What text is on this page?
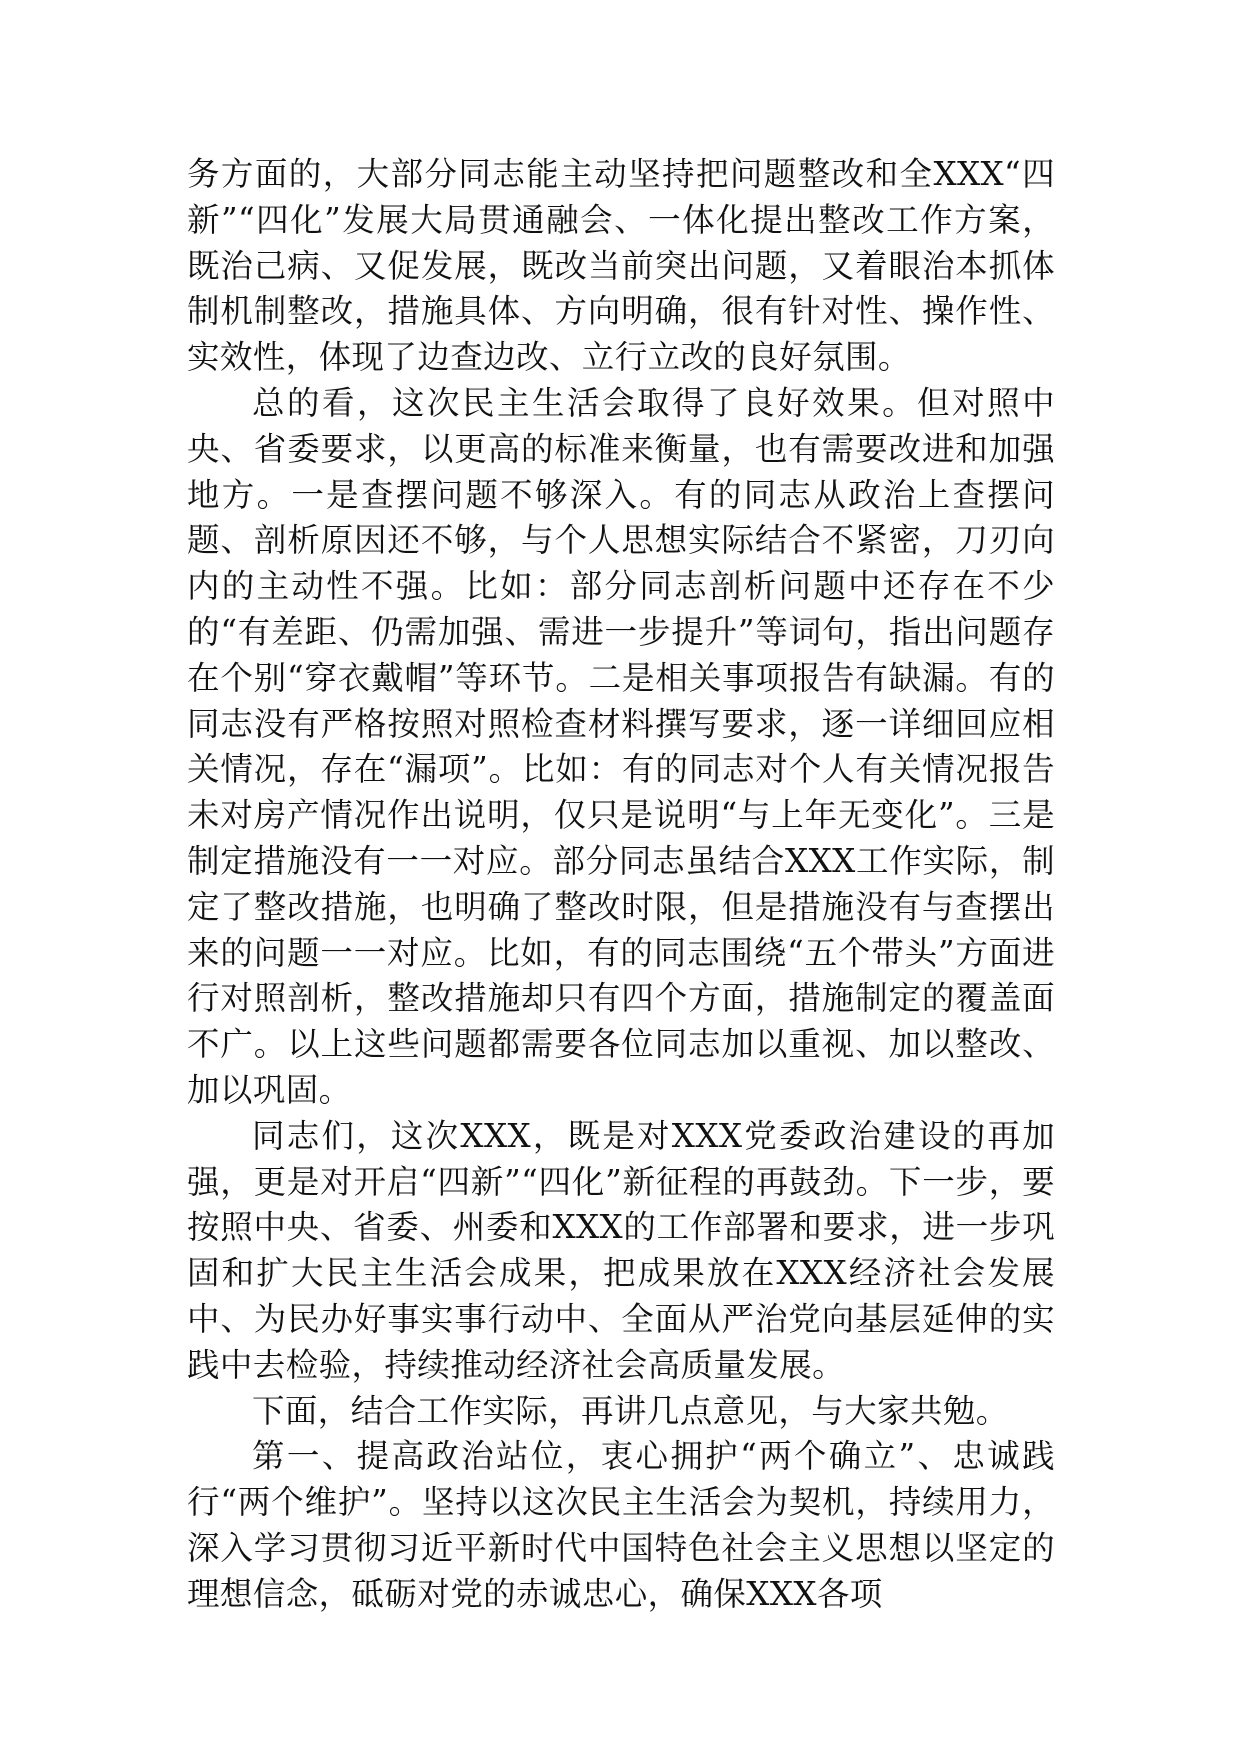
务方面的，大部分同志能主动坚持把问题整改和全XXX“四新”“四化”发展大局贯通融会、一体化提出整改工作方案，既治己病、又促发展，既改当前突出问题，又着眼治本抓体制机制整改，措施具体、方向明确，很有针对性、操作性、实效性，体现了边查边改、立行立改的良好氛围。

总的看，这次民主生活会取得了良好效果。但对照中央、省委要求，以更高的标准来衡量，也有需要改进和加强地方。一是查摆问题不够深入。有的同志从政治上查摆问题、剖析原因还不够，与个人思想实际结合不紧密，刀刃向内的主动性不强。比如：部分同志剖析问题中还存在不少的“有差距、仍需加强、需进一步提升”等词句，指出问题存在个别“穿衣戴帽”等环节。二是相关事项报告有缺漏。有的同志没有严格按照对照检查材料撰写要求，逐一详细回应相关情况，存在“漏项”。比如：有的同志对个人有关情况报告未对房产情况作出说明，仅只是说明“与上年无变化”。三是制定措施没有一一对应。部分同志虽结合XXX工作实际，制定了整改措施，也明确了整改时限，但是措施没有与查摆出来的问题一一对应。比如，有的同志围绕“五个带头”方面进行对照剖析，整改措施却只有四个方面，措施制定的覆盖面不广。以上这些问题都需要各位同志加以重视、加以整改、加以巩固。

同志们，这次XXX，既是对XXX党委政治建设的再加强，更是对开启“四新”“四化”新征程的再鼓劲。下一步，要按照中央、省委、州委和XXX的工作部署和要求，进一步巩固和扩大民主生活会成果，把成果放在XXX经济社会发展中、为民办好事实事行动中、全面从严治党向基层延伸的实践中去检验，持续推动经济社会高质量发展。

下面，结合工作实际，再讲几点意见，与大家共勉。

第一、提高政治站位，衷心拥护“两个确立”、忠诚践行“两个维护”。坚持以这次民主生活会为契机，持续用力，深入学习贯彻习近平新时代中国特色社会主义思想以坚定的理想信念，砥砺对党的赤诚忠心，确保XXX各项
